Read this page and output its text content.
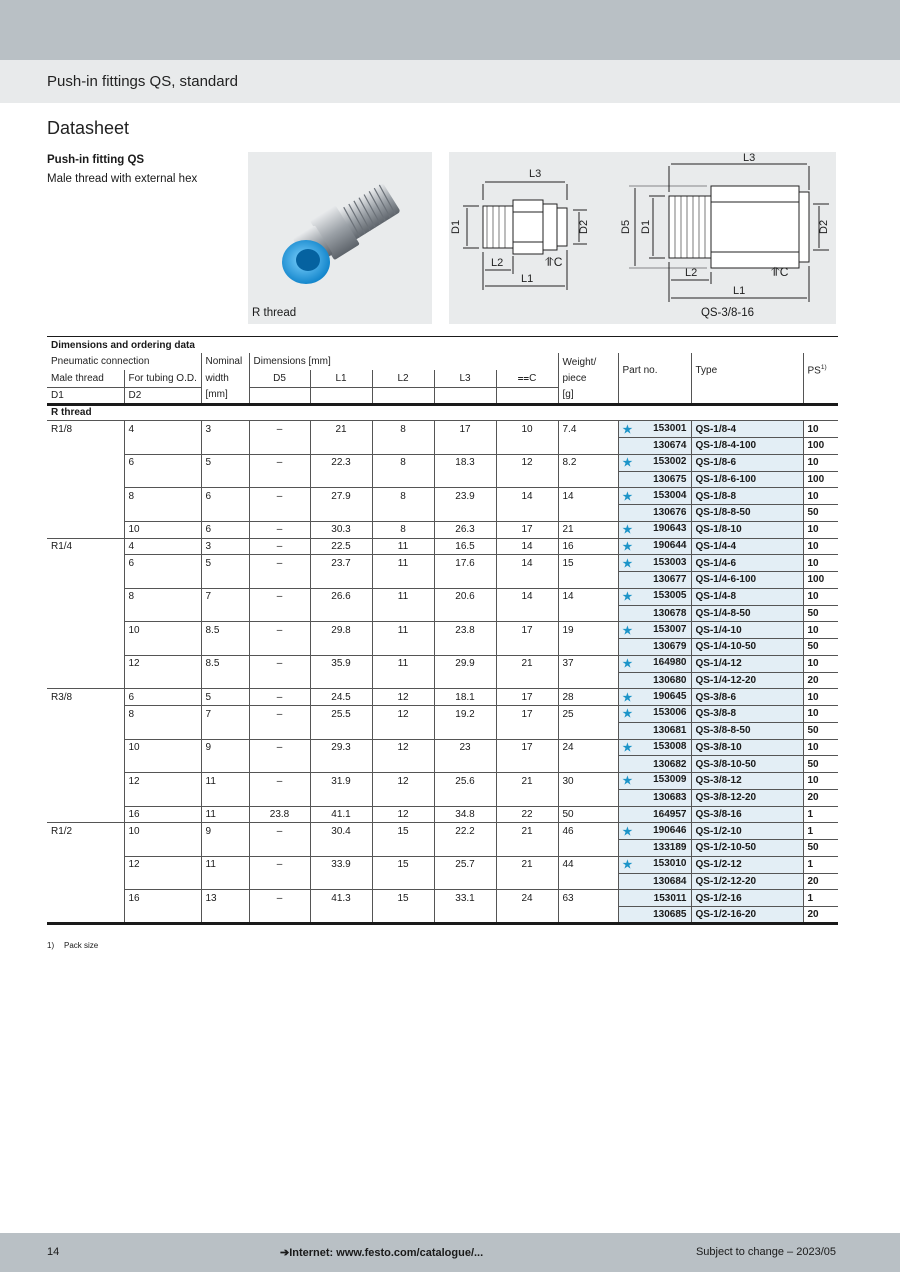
Push-in fittings QS, standard
Datasheet
Push-in fitting QS
Male thread with external hex
R thread
L3
D1	D2
L2
L1
⥣C
L3
D5 D1	D2
L2
L1
⥣C
QS-3/8-16
Dimensions and ordering data											
Pneumatic connection		Nominal	Dimensions [mm]					Weight/
piece	Part no.	Type	PS$^{1)}$
Male thread	For tubing O.D.	width	D5	L1	L2	L3	⩵C				
D1	D2	[mm]						[g]			
R thread											
R1/8	4	3	–	21	8	17	10	7.4	★ 153001	QS-1/8-4	10
									130674	QS-1/8-4-100	100
	6	5	–	22.3	8	18.3	12	8.2	★ 153002	QS-1/8-6	10
									130675	QS-1/8-6-100	100
	8	6	–	27.9	8	23.9	14	14	★ 153004	QS-1/8-8	10
									130676	QS-1/8-8-50	50
	10	6	–	30.3	8	26.3	17	21	★ 190643	QS-1/8-10	10
R1/4	4	3	–	22.5	11	16.5	14	16	★ 190644	QS-1/4-4	10
	6	5	–	23.7	11	17.6	14	15	★ 153003	QS-1/4-6	10
									130677	QS-1/4-6-100	100
	8	7	–	26.6	11	20.6	14	14	★ 153005	QS-1/4-8	10
									130678	QS-1/4-8-50	50
	10	8.5	–	29.8	11	23.8	17	19	★ 153007	QS-1/4-10	10
									130679	QS-1/4-10-50	50
	12	8.5	–	35.9	11	29.9	21	37	★ 164980	QS-1/4-12	10
									130680	QS-1/4-12-20	20
R3/8	6	5	–	24.5	12	18.1	17	28	★ 190645	QS-3/8-6	10
	8	7	–	25.5	12	19.2	17	25	★ 153006	QS-3/8-8	10
									130681	QS-3/8-8-50	50
	10	9	–	29.3	12	23	17	24	★ 153008	QS-3/8-10	10
									130682	QS-3/8-10-50	50
	12	11	–	31.9	12	25.6	21	30	★ 153009	QS-3/8-12	10
									130683	QS-3/8-12-20	20
	16	11	23.8	41.1	12	34.8	22	50	164957	QS-3/8-16	1
R1/2	10	9	–	30.4	15	22.2	21	46	★ 190646	QS-1/2-10	1
									133189	QS-1/2-10-50	50
	12	11	–	33.9	15	25.7	21	44	★ 153010	QS-1/2-12	1
									130684	QS-1/2-12-20	20
	16	13	–	41.3	15	33.1	24	63	153011	QS-1/2-16	1
									130685	QS-1/2-16-20	20
1) Pack size
14	➔Internet: www.festo.com/catalogue/...	Subject to change – 2023/05
